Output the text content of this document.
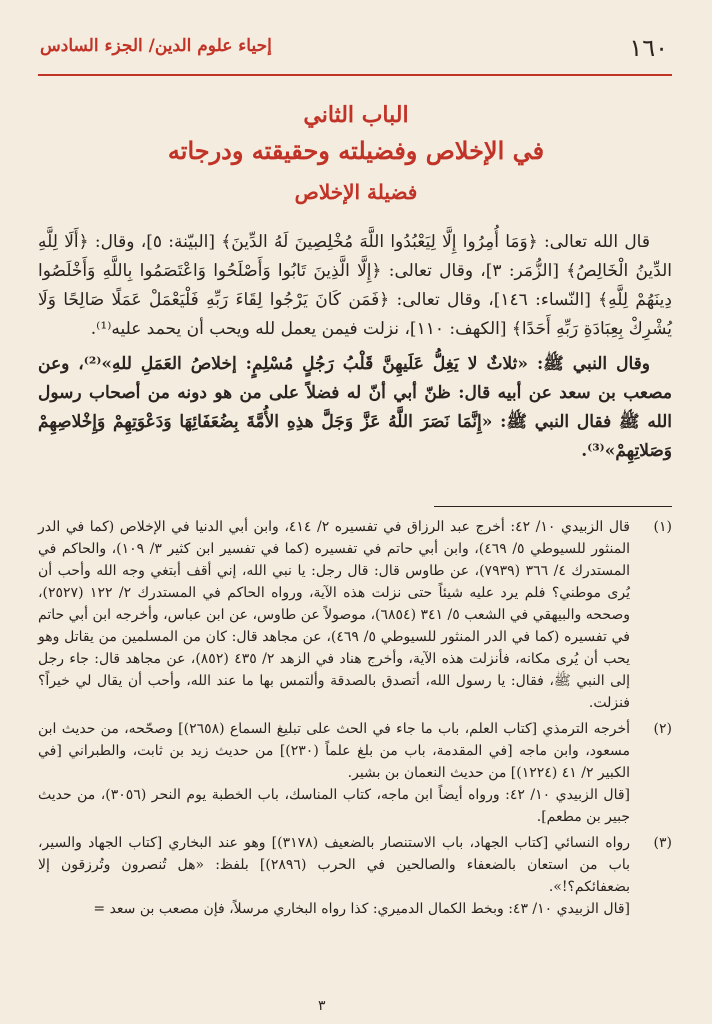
١٦٠
إحياء علوم الدين/ الجزء السادس
الباب الثاني
في الإخلاص وفضيلته وحقيقته ودرجاته
فضيلة الإخلاص

قال الله تعالى: ﴿وَمَا أُمِرُوا إِلَّا لِيَعْبُدُوا اللَّهَ مُخْلِصِينَ لَهُ الدِّينَ﴾ [البيّنة: ٥]، وقال: ﴿أَلَا لِلَّهِ الدِّينُ الْخَالِصُ﴾ [الزُّمَر: ٣]، وقال تعالى: ﴿إِلَّا الَّذِينَ تَابُوا وَأَصْلَحُوا وَاعْتَصَمُوا بِاللَّهِ وَأَخْلَصُوا دِينَهُمْ لِلَّهِ﴾ [النّساء: ١٤٦]، وقال تعالى: ﴿فَمَن كَانَ يَرْجُوا لِقَاءَ رَبِّهِ فَلْيَعْمَلْ عَمَلًا صَالِحًا وَلَا يُشْرِكْ بِعِبَادَةِ رَبِّهِ أَحَدًا﴾ [الكهف: ١١٠]، نزلت فيمن يعمل لله ويحب أن يحمد عليه⁽¹⁾.

وقال النبي ﷺ: «ثلاثٌ لا يَغِلُّ عَلَيهِنَّ قَلْبُ رَجُلٍ مُسْلِمٍ: إخلاصُ العَمَلِ للهِ»⁽²⁾، وعن مصعب بن سعد عن أبيه قال: ظنّ أبي أنّ له فضلاً على من هو دونه من أصحاب رسول الله ﷺ فقال النبي ﷺ: «إِنَّمَا نَصَرَ اللَّهُ عَزَّ وَجَلَّ هذِهِ الأُمَّةَ بِضُعَفَائِهَا وَدَعْوَتِهِمْ وَإِخْلاصِهِمْ وَصَلاتِهِمْ»⁽³⁾.

(١)

قال الزبيدي ١٠/ ٤٢: أخرج عبد الرزاق في تفسيره ٢/ ٤١٤، وابن أبي الدنيا في الإخلاص (كما في الدر المنثور للسيوطي ٥/ ٤٦٩)، وابن أبي حاتم في تفسيره (كما في تفسير ابن كثير ٣/ ١٠٩)، والحاكم في المستدرك ٤/ ٣٦٦ (٧٩٣٩)، عن طاوس قال: قال رجل: يا نبي الله، إني أقف أبتغي وجه الله وأحب أن يُرى موطني؟ فلم يرد عليه شيئاً حتى نزلت هذه الآية، ورواه الحاكم في المستدرك ٢/ ١٢٢ (٢٥٢٧)، وصححه والبيهقي في الشعب ٥/ ٣٤١ (٦٨٥٤)، موصولاً عن طاوس، عن ابن عباس، وأخرجه ابن أبي حاتم في تفسيره (كما في الدر المنثور للسيوطي ٥/ ٤٦٩)، عن مجاهد قال: كان من المسلمين من يقاتل وهو يحب أن يُرى مكانه، فأنزلت هذه الآية، وأخرج هناد في الزهد ٢/ ٤٣٥ (٨٥٢)، عن مجاهد قال: جاء رجل إلى النبي ﷺ، فقال: يا رسول الله، أتصدق بالصدقة وألتمس بها ما عند الله، وأحب أن يقال لي خيراً؟ فنزلت.

(٢)

أخرجه الترمذي [كتاب العلم، باب ما جاء في الحث على تبليغ السماع (٢٦٥٨)] وصحّحه، من حديث ابن مسعود، وابن ماجه [في المقدمة، باب من بلغ علماً (٢٣٠)] من حديث زيد بن ثابت، والطبراني [في الكبير ٢/ ٤١ (١٢٢٤)] من حديث النعمان بن بشير.

[قال الزبيدي ١٠/ ٤٢: ورواه أيضاً ابن ماجه، كتاب المناسك، باب الخطبة يوم النحر (٣٠٥٦)، من حديث جبير بن مطعم].

(٣)

رواه النسائي [كتاب الجهاد، باب الاستنصار بالضعيف (٣١٧٨)] وهو عند البخاري [كتاب الجهاد والسير، باب من استعان بالضعفاء والصالحين في الحرب (٢٨٩٦)] بلفظ: «هل تُنصرون وتُرزقون إلا بضعفائكم؟!».

[قال الزبيدي ١٠/ ٤٣: وبخط الكمال الدميري: كذا رواه البخاري مرسلاً، فإن مصعب بن سعد =

٣
